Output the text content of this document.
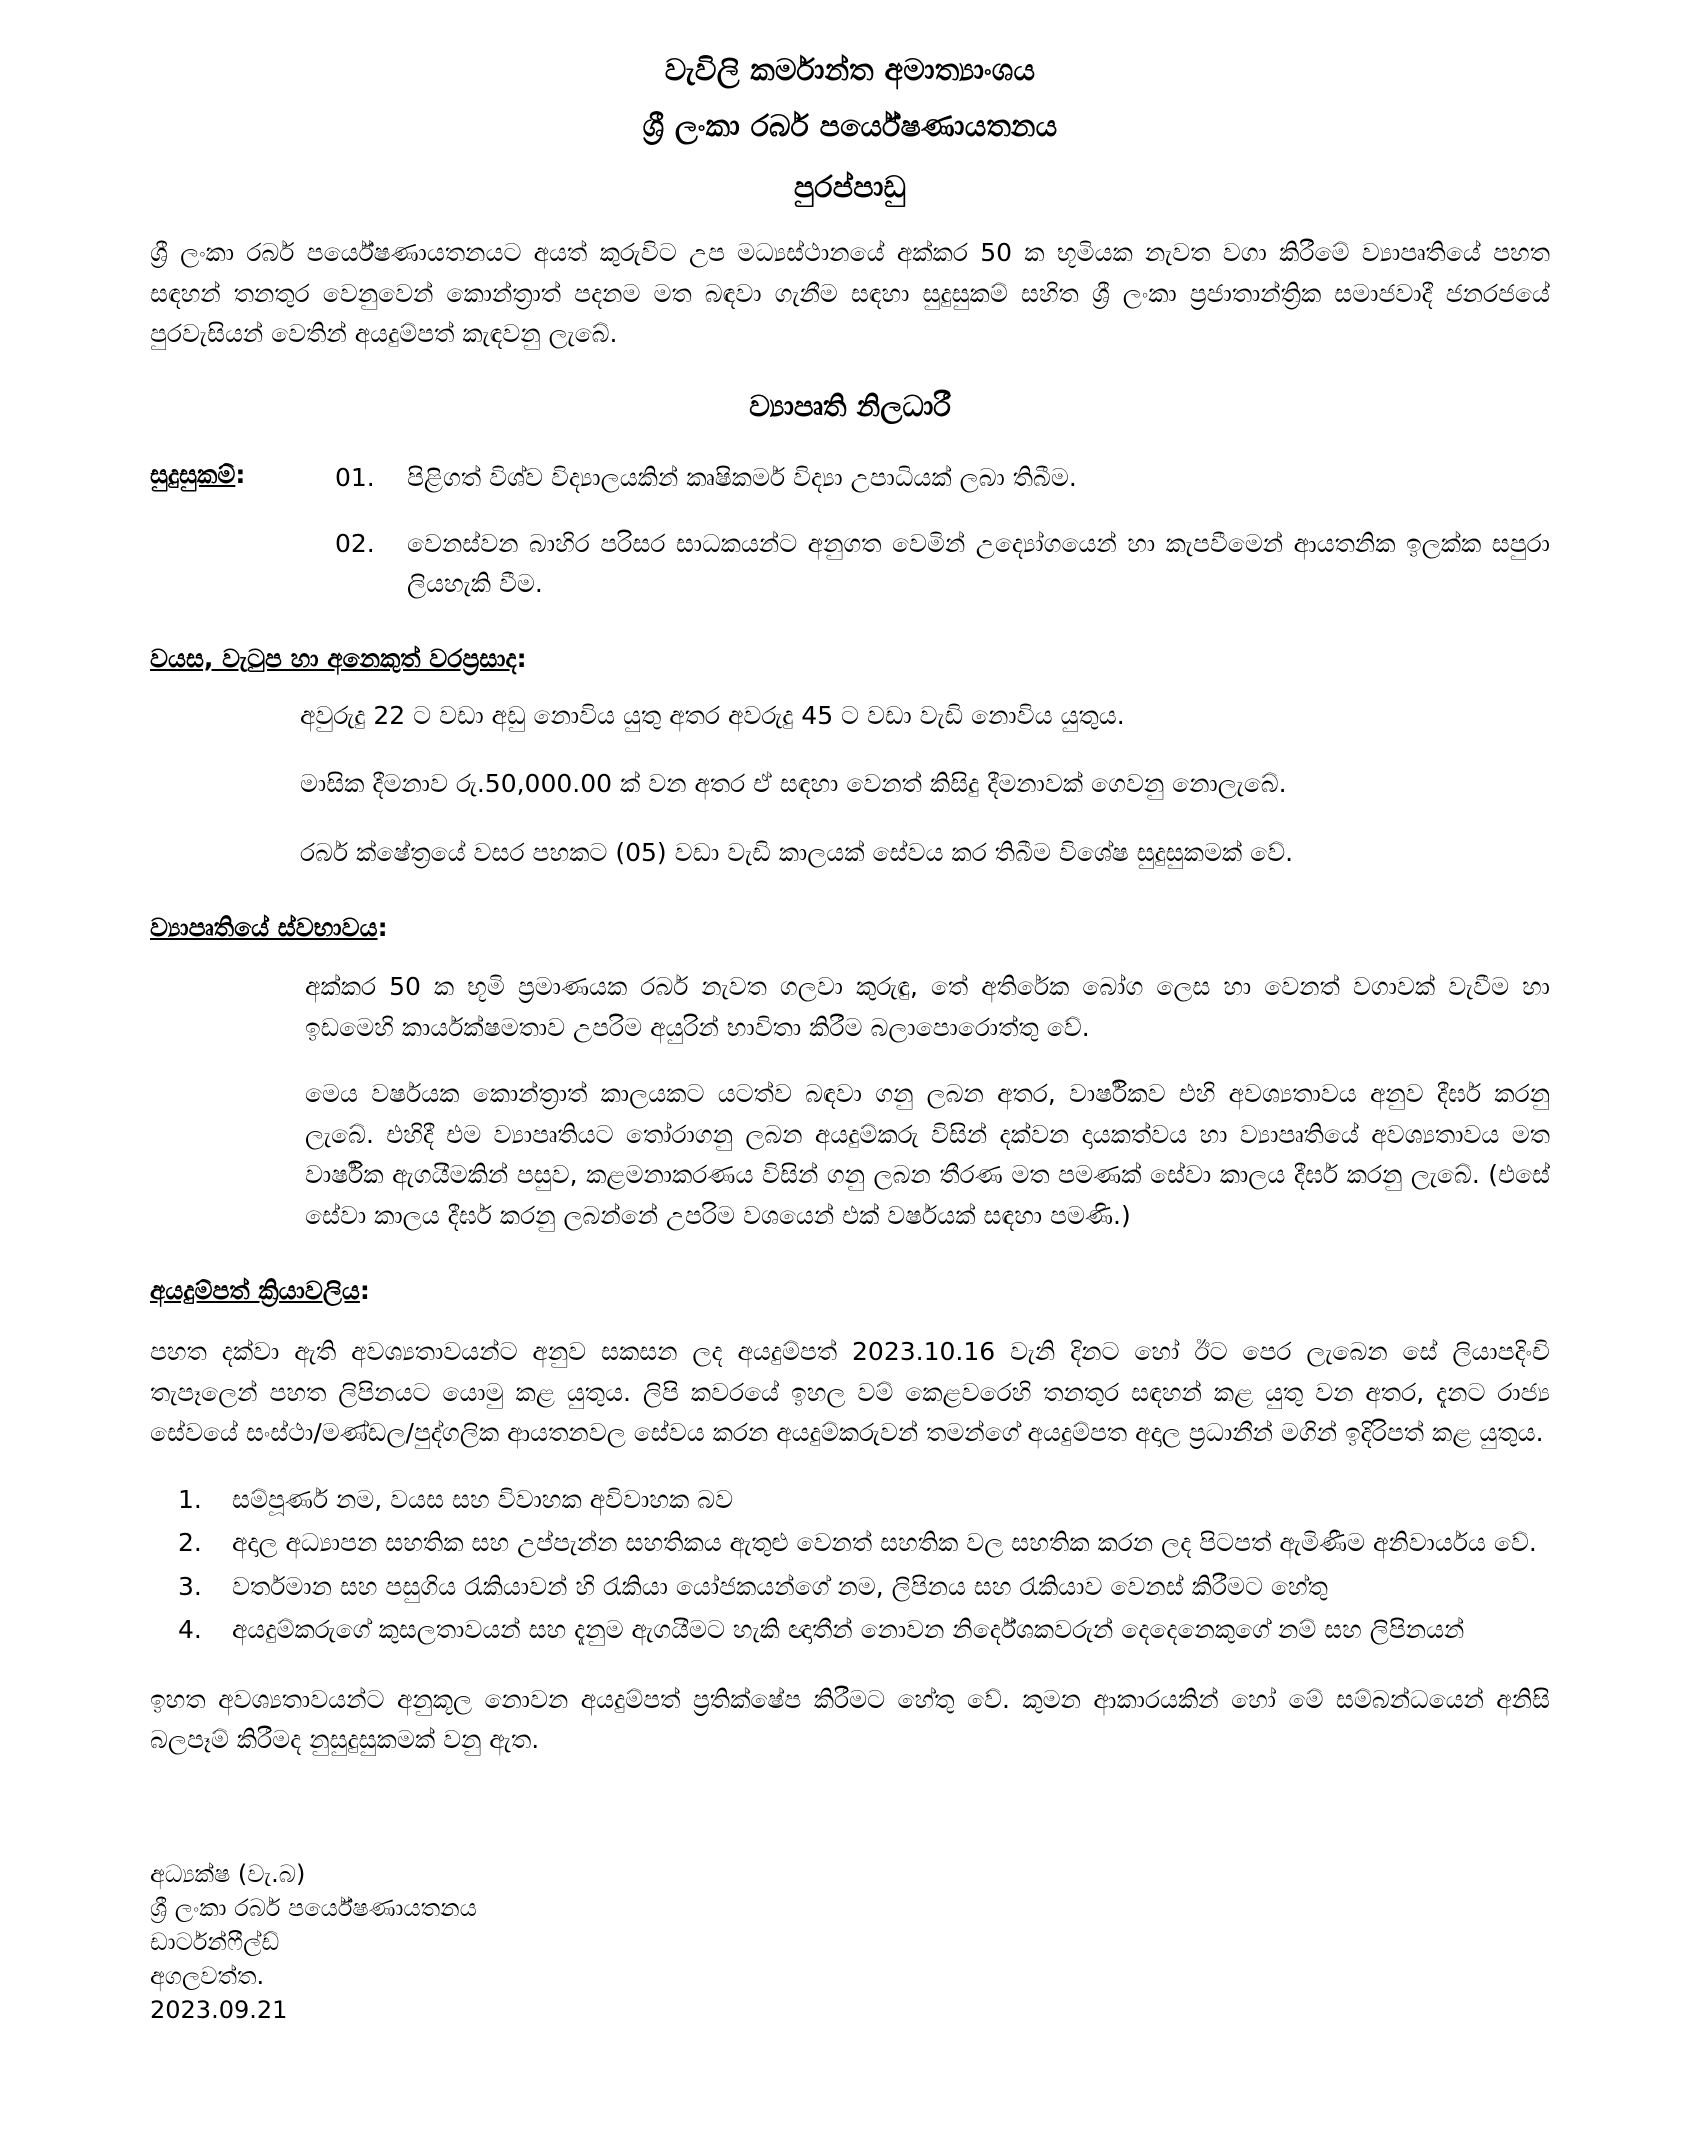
වැවිලි කර්මාන්ත අමාත්‍යාංශය
ශ්‍රී ලංකා රබර් පර්යේෂණායතනය
පුරප්පාඩු
ශ්‍රී ලංකා රබර් පර්යේෂණායතනයට අයත් කුරුවිට උප මධ්‍යස්ථානයේ අක්කර 50 ක භූමියක නැවත වගා කිරීමේ ව්‍යාපෘතියේ පහත සඳහන් තනතුර වෙනුවෙන් කොන්ත්‍රාත් පදනම මත බඳවා ගැනීම සඳහා සුදුසුකම් සහිත ශ්‍රී ලංකා ප්‍රජාතාන්ත්‍රික සමාජවාදී ජනරජයේ පුරවැසියන් වෙතින් අයදුම්පත් කැඳවනු ලැබේ.
ව්‍යාපෘති නිලධාරී
සුදුසුකම්:	01.	පිළිගත් විශ්ව විද්‍යාලයකින් කෘෂිකර්ම විද්‍යා උපාධියක් ලබා තිබීම.
02.	වෙනස්වන බාහිර පරිසර සාධකයන්ට අනුගත වෙමින් උද්‍යෝගයෙන් හා කැපවීමෙන් ආයතනික ඉලක්ක සපුරා ලියහැකි වීම.
වයස, වැටුප හා අනෙකුත් වරප්‍රසාද:
අවුරුදු 22 ට වඩා අඩු නොවිය යුතු අතර අවරුදු 45 ට වඩා වැඩි නොවිය යුතුය.
මාසික දීමනාව රු.50,000.00 ක් වන අතර ඒ සඳහා වෙනත් කිසිදු දීමනාවක් ගෙවනු නොලැබේ.
රබර් ක්ෂේත්‍රයේ වසර පහකට (05) වඩා වැඩි කාලයක් සේවය කර තිබීම විශේෂ සුදුසුකමක් වේ.
ව්‍යාපෘතියේ ස්වභාවය:
අක්කර 50 ක භූමි ප්‍රමාණයක රබර් නැවත ගලවා කුරුඳු, තේ අතිරේක බෝග ලෙස හා වෙනත් වගාවක් වැවීම හා ඉඩමෙහි කාර්යක්ෂමතාව උපරිම අයුරින් භාවිතා කිරීම බලාපොරොත්තු වේ.
මෙය වර්ෂයක කොන්ත්‍රාත් කාලයකට යටත්ව බඳවා ගනු ලබන අතර, වාර්ෂිකව එහි අවශ්‍යතාවය අනුව දීර්ඝ කරනු ලැබේ. එහිදී එම ව්‍යාපෘතියට තෝරාගනු ලබන අයදුම්කරු විසින් දක්වන දායකත්වය හා ව්‍යාපෘතියේ අවශ්‍යතාවය මත වාර්ෂික ඇගයීමකින් පසුව, කළමනාකරණය විසින් ගනු ලබන තීරණ මත පමණක් සේවා කාලය දීර්ඝ කරනු ලැබේ. (එසේ සේවා කාලය දීර්ඝ කරනු ලබන්නේ උපරිම වශයෙන් එක් වර්ෂයක් සඳහා පමණි.)
අයදුම්පත් ක්‍රියාවලිය:
පහත දක්වා ඇති අවශ්‍යතාවයන්ට අනුව සකසන ලද අයදුම්පත් 2023.10.16 වැනි දිනට හෝ ඊට පෙර ලැබෙන සේ ලියාපදිංචි තැපෑලෙන් පහත ලිපිනයට යොමු කළ යුතුය. ලිපි කවරයේ ඉහල වම් කෙළවරෙහි තනතුර සඳහන් කළ යුතු වන අතර, දැනට රාජ්‍ය සේවයේ සංස්ථා/මණ්ඩල/පුද්ගලික ආයතනවල සේවය කරන අයදුම්කරුවන් තමන්ගේ අයදුම්පත අදාල ප්‍රධානීන් මගින් ඉදිරිපත් කළ යුතුය.
සම්පූර්ණ නම, වයස සහ විවාහක අවිවාහක බව
අදාල අධ්‍යාපන සහතික සහ උප්පැන්න සහතිකය ඇතුළු වෙනත් සහතික වල සහතික කරන ලද පිටපත් ඇමිණීම අනිවාර්යය වේ.
වර්තමාන සහ පසුගිය රැකියාවන් හි රැකියා යෝජකයන්ගේ නම, ලිපිනය සහ රැකියාව වෙනස් කිරීමට හේතු
අයදුම්කරුගේ කුසලතාවයන් සහ දැනුම ඇගයීමට හැකි ඥාතීන් නොවන නිර්දේශකවරුන් දෙදෙනෙකුගේ නම් සහ ලිපිනයන්
ඉහත අවශ්‍යතාවයන්ට අනුකූල නොවන අයදුම්පත් ප්‍රතික්ෂේප කිරීමට හේතු වේ. කුමන ආකාරයකින් හෝ මේ සම්බන්ධයෙන් අනිසි බලපෑම් කිරීමද නුසුදුසුකමක් වනු ඇත.
අධ්‍යක්ෂ (වැ.බ)
ශ්‍රී ලංකා රබර් පර්යේෂණායතනය
ඩාර්ටන්ෆීල්ඩ්
අගලවත්ත.
2023.09.21
